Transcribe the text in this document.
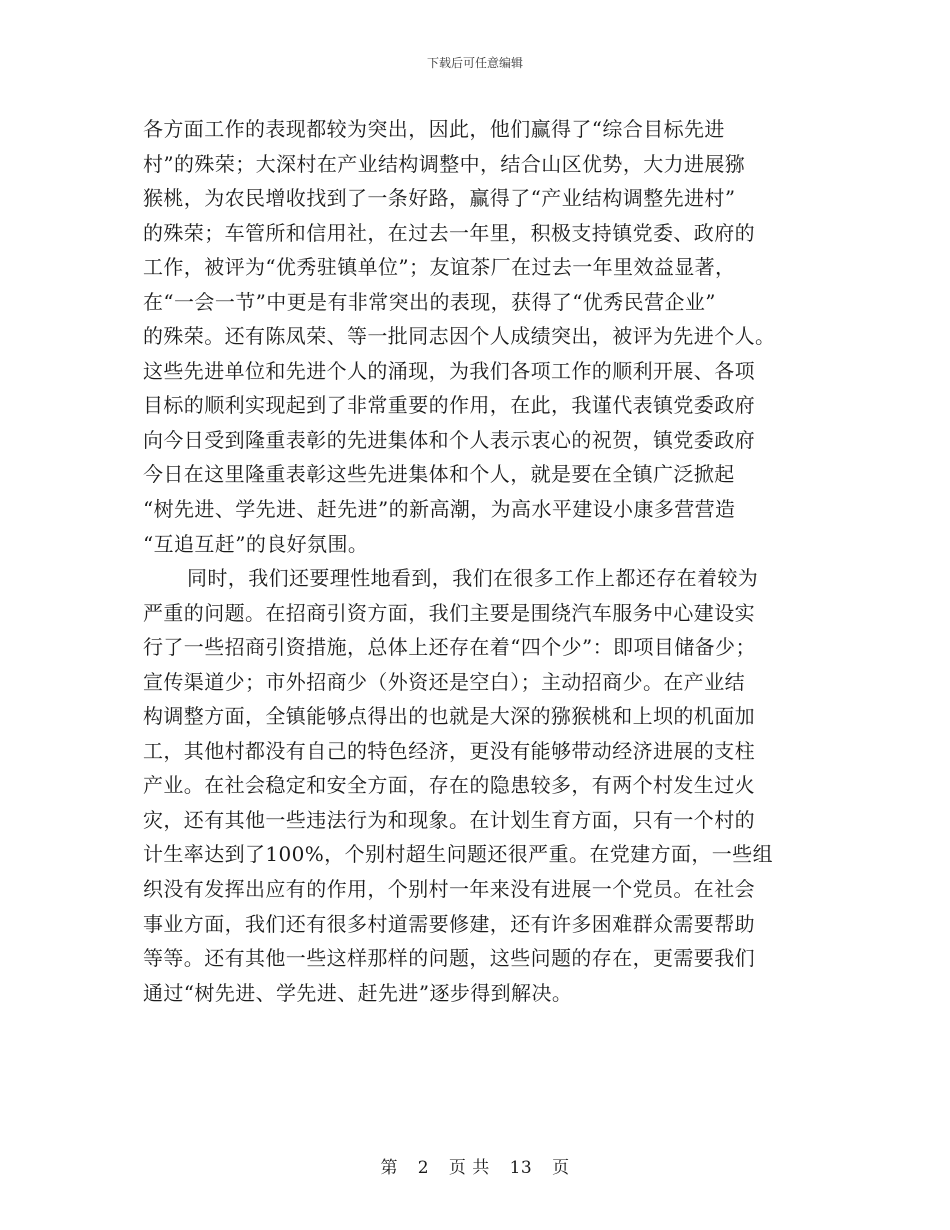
下载后可任意编辑
各方面工作的表现都较为突出，因此，他们赢得了“综合目标先进
村”的殊荣；大深村在产业结构调整中，结合山区优势，大力进展猕
猴桃，为农民增收找到了一条好路，赢得了“产业结构调整先进村”
的殊荣；车管所和信用社，在过去一年里，积极支持镇党委、政府的
工作，被评为“优秀驻镇单位”；友谊茶厂在过去一年里效益显著，
在“一会一节”中更是有非常突出的表现，获得了“优秀民营企业”
的殊荣。还有陈凤荣、等一批同志因个人成绩突出，被评为先进个人。
这些先进单位和先进个人的涌现，为我们各项工作的顺利开展、各项
目标的顺利实现起到了非常重要的作用，在此，我谨代表镇党委政府
向今日受到隆重表彰的先进集体和个人表示衷心的祝贺，镇党委政府
今日在这里隆重表彰这些先进集体和个人，就是要在全镇广泛掀起
“树先进、学先进、赶先进”的新高潮，为高水平建设小康多营营造
“互追互赶”的良好氛围。
同时，我们还要理性地看到，我们在很多工作上都还存在着较为
严重的问题。在招商引资方面，我们主要是围绕汽车服务中心建设实
行了一些招商引资措施，总体上还存在着“四个少”：即项目储备少；
宣传渠道少；市外招商少（外资还是空白）；主动招商少。在产业结
构调整方面，全镇能够点得出的也就是大深的猕猴桃和上坝的机面加
工，其他村都没有自己的特色经济，更没有能够带动经济进展的支柱
产业。在社会稳定和安全方面，存在的隐患较多，有两个村发生过火
灾，还有其他一些违法行为和现象。在计划生育方面，只有一个村的
计生率达到了100%，个别村超生问题还很严重。在党建方面，一些组
织没有发挥出应有的作用，个别村一年来没有进展一个党员。在社会
事业方面，我们还有很多村道需要修建，还有许多困难群众需要帮助
等等。还有其他一些这样那样的问题，这些问题的存在，更需要我们
通过“树先进、学先进、赶先进”逐步得到解决。
第 2 页 共 13 页
